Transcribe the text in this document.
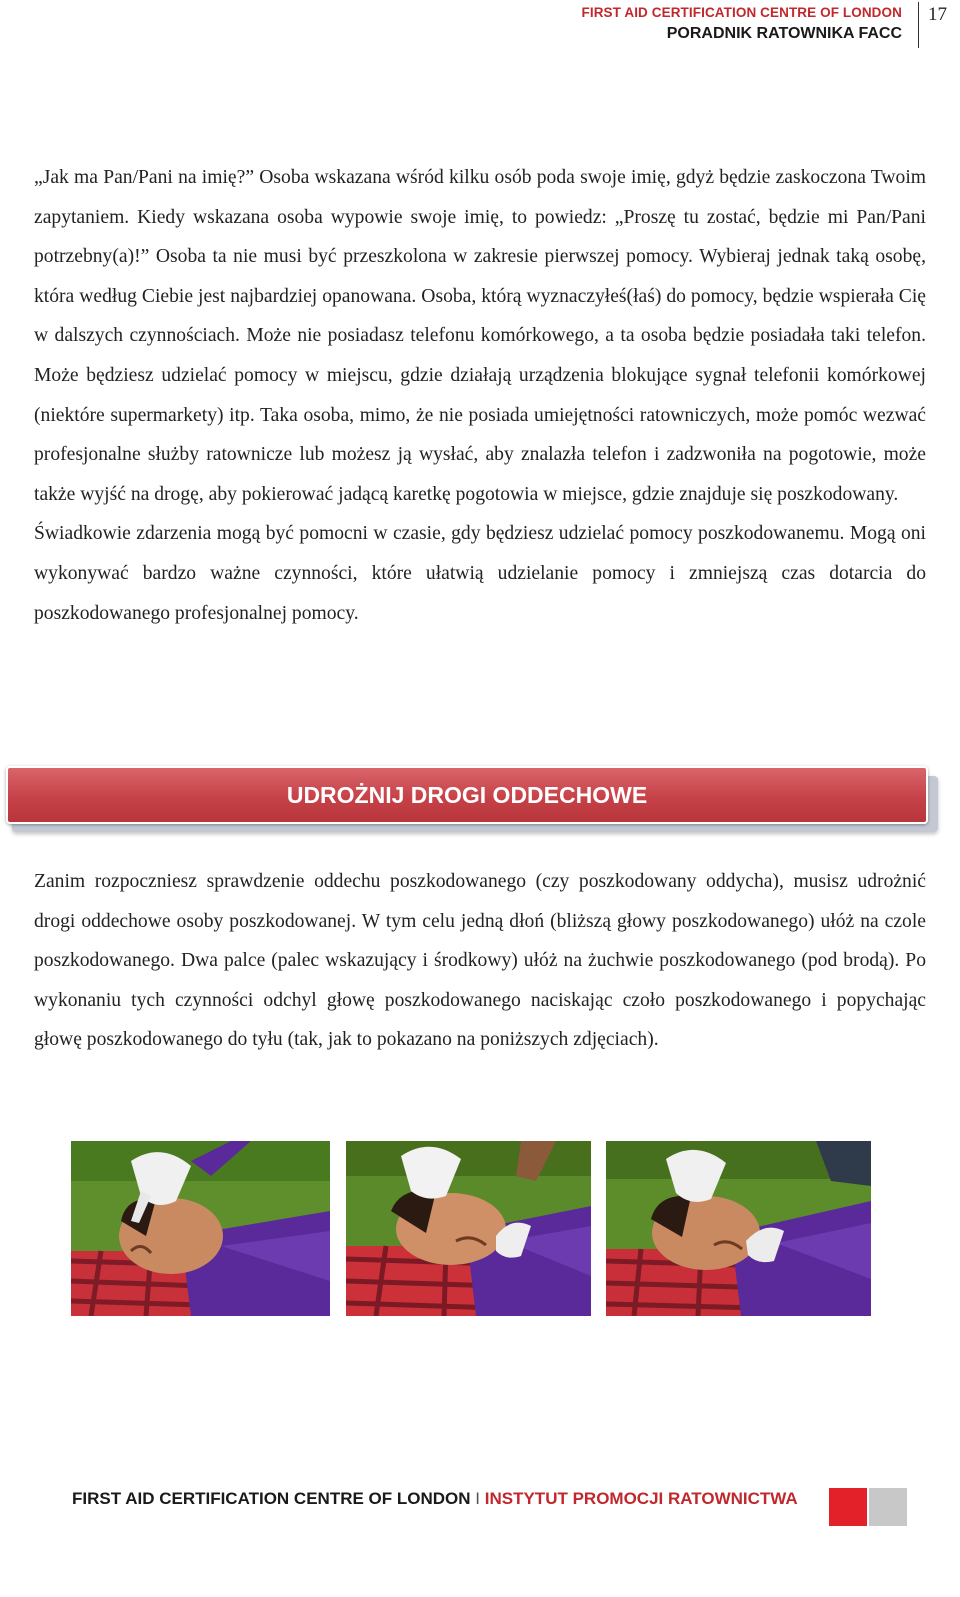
FIRST AID CERTIFICATION CENTRE OF LONDON
PORADNIK RATOWNIKA FACC
17

„Jak ma Pan/Pani na imię?” Osoba wskazana wśród kilku osób poda swoje imię, gdyż będzie zaskoczona Twoim zapytaniem. Kiedy wskazana osoba wypowie swoje imię, to powiedz: „Proszę tu zostać, będzie mi Pan/Pani potrzebny(a)!” Osoba ta nie musi być przeszkolona w zakresie pierwszej pomocy. Wybieraj jednak taką osobę, która według Ciebie jest najbardziej opanowana. Osoba, którą wyznaczyłeś(łaś) do pomocy, będzie wspierała Cię w dalszych czynnościach. Może nie posiadasz telefonu komórkowego, a ta osoba będzie posiadała taki telefon. Może będziesz udzielać pomocy w miejscu, gdzie działają urządzenia blokujące sygnał telefonii komórkowej (niektóre supermarkety) itp. Taka osoba, mimo, że nie posiada umiejętności ratowniczych, może pomóc wezwać profesjonalne służby ratownicze lub możesz ją wysłać, aby znalazła telefon i zadzwoniła na pogotowie, może także wyjść na drogę, aby pokierować jadącą karetkę pogotowia w miejsce, gdzie znajduje się poszkodowany.

Świadkowie zdarzenia mogą być pomocni w czasie, gdy będziesz udzielać pomocy poszkodowanemu. Mogą oni wykonywać bardzo ważne czynności, które ułatwią udzielanie pomocy i zmniejszą czas dotarcia do poszkodowanego profesjonalnej pomocy.

UDROŻNIJ DROGI ODDECHOWE

Zanim rozpoczniesz sprawdzenie oddechu poszkodowanego (czy poszkodowany oddycha), musisz udrożnić drogi oddechowe osoby poszkodowanej. W tym celu jedną dłoń (bliższą głowy poszkodowanego) ułóż na czole poszkodowanego. Dwa palce (palec wskazujący i środkowy) ułóż na żuchwie poszkodowanego (pod brodą). Po wykonaniu tych czynności odchyl głowę poszkodowanego naciskając czoło poszkodowanego i popychając głowę poszkodowanego do tyłu (tak, jak to pokazano na poniższych zdjęciach).

FIRST AID CERTIFICATION CENTRE OF LONDON I INSTYTUT PROMOCJI RATOWNICTWA
